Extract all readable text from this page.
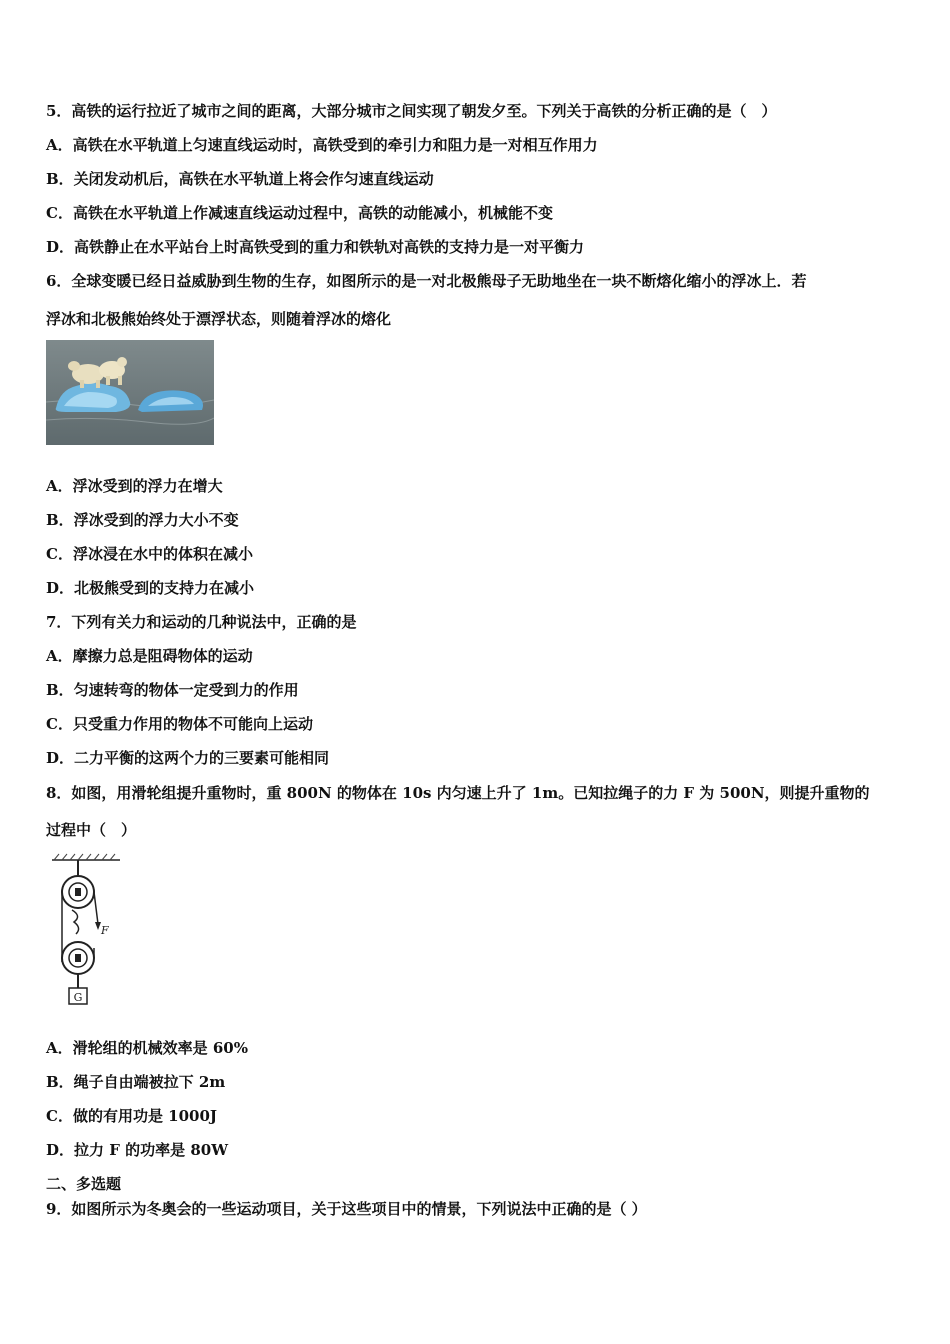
5．高铁的运行拉近了城市之间的距离，大部分城市之间实现了朝发夕至。下列关于高铁的分析正确的是（　）
A．高铁在水平轨道上匀速直线运动时，高铁受到的牵引力和阻力是一对相互作用力
B．关闭发动机后，高铁在水平轨道上将会作匀速直线运动
C．高铁在水平轨道上作减速直线运动过程中，高铁的动能减小，机械能不变
D．高铁静止在水平站台上时高铁受到的重力和铁轨对高铁的支持力是一对平衡力
6．全球变暖已经日益威胁到生物的生存，如图所示的是一对北极熊母子无助地坐在一块不断熔化缩小的浮冰上．若
浮冰和北极熊始终处于漂浮状态，则随着浮冰的熔化
A．浮冰受到的浮力在增大
B．浮冰受到的浮力大小不变
C．浮冰浸在水中的体积在减小
D．北极熊受到的支持力在减小
7．下列有关力和运动的几种说法中，正确的是
A．摩擦力总是阻碍物体的运动
B．匀速转弯的物体一定受到力的作用
C．只受重力作用的物体不可能向上运动
D．二力平衡的这两个力的三要素可能相同
8．如图，用滑轮组提升重物时，重 800N 的物体在 10s 内匀速上升了 1m。已知拉绳子的力 F 为 500N，则提升重物的
过程中（　）
G
F
A．滑轮组的机械效率是 60%
B．绳子自由端被拉下 2m
C．做的有用功是 1000J
D．拉力 F 的功率是 80W
二、多选题
9．如图所示为冬奥会的一些运动项目，关于这些项目中的情景，下列说法中正确的是（ ）
